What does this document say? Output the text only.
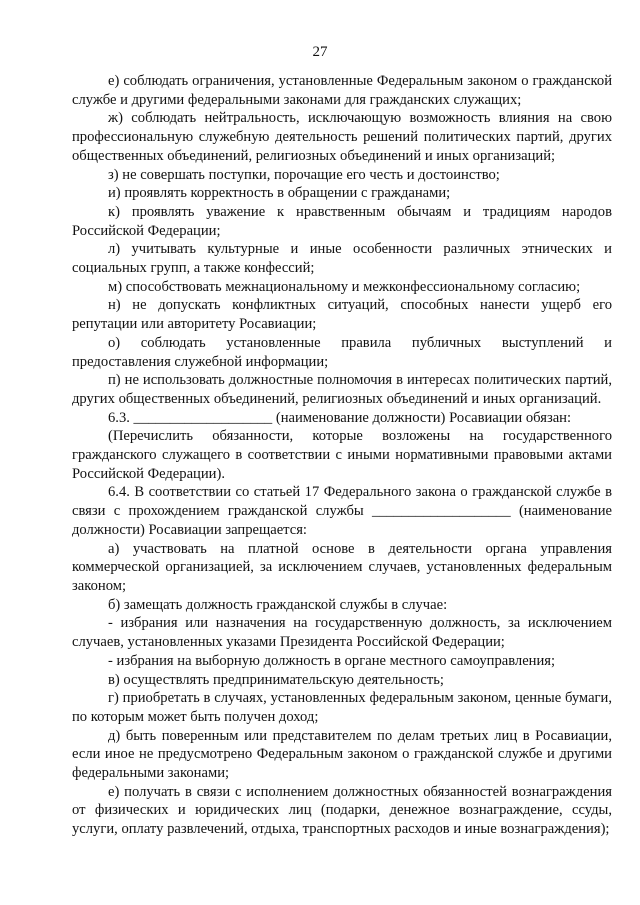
27

е) соблюдать ограничения, установленные Федеральным законом о гражданской службе и другими федеральными законами для гражданских служащих;

ж) соблюдать нейтральность, исключающую возможность влияния на свою профессиональную служебную деятельность решений политических партий, других общественных объединений, религиозных объединений и иных организаций;

з) не совершать поступки, порочащие его честь и достоинство;

и) проявлять корректность в обращении с гражданами;

к) проявлять уважение к нравственным обычаям и традициям народов Российской Федерации;

л) учитывать культурные и иные особенности различных этнических и социальных групп, а также конфессий;

м) способствовать межнациональному и межконфессиональному согласию;

н) не допускать конфликтных ситуаций, способных нанести ущерб его репутации или авторитету Росавиации;

о) соблюдать установленные правила публичных выступлений и предоставления служебной информации;

п) не использовать должностные полномочия в интересах политических партий, других общественных объединений, религиозных объединений и иных организаций.

6.3. ___________________ (наименование должности) Росавиации обязан:

(Перечислить обязанности, которые возложены на государственного гражданского служащего в соответствии с иными нормативными правовыми актами Российской Федерации).

6.4. В соответствии со статьей 17 Федерального закона о гражданской службе в связи с прохождением гражданской службы ___________________ (наименование должности) Росавиации запрещается:

а) участвовать на платной основе в деятельности органа управления коммерческой организацией, за исключением случаев, установленных федеральным законом;

б) замещать должность гражданской службы в случае:

- избрания или назначения на государственную должность, за исключением случаев, установленных указами Президента Российской Федерации;

- избрания на выборную должность в органе местного самоуправления;

в) осуществлять предпринимательскую деятельность;

г) приобретать в случаях, установленных федеральным законом, ценные бумаги, по которым может быть получен доход;

д) быть поверенным или представителем по делам третьих лиц в Росавиации, если иное не предусмотрено Федеральным законом о гражданской службе и другими федеральными законами;

е) получать в связи с исполнением должностных обязанностей вознаграждения от физических и юридических лиц (подарки, денежное вознаграждение, ссуды, услуги, оплату развлечений, отдыха, транспортных расходов и иные вознаграждения);
